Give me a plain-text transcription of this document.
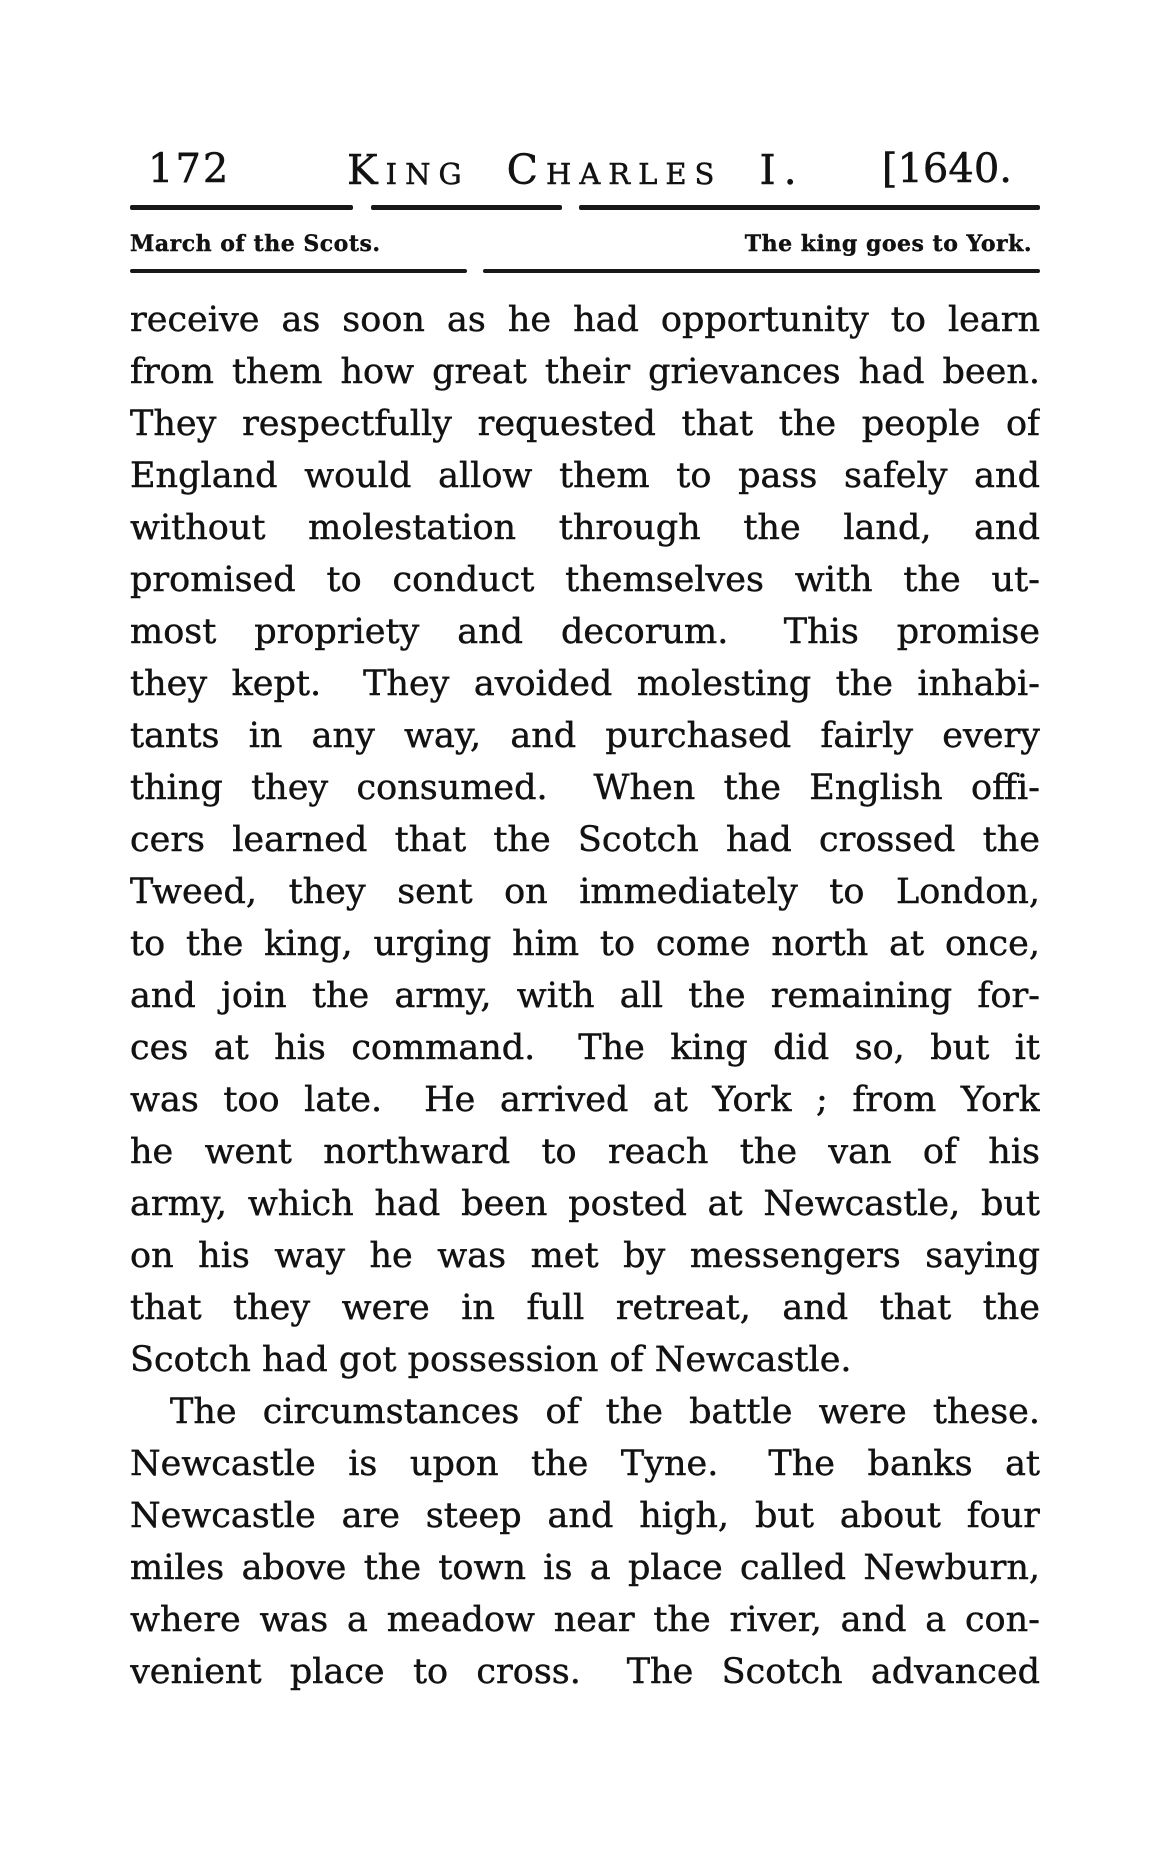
172	King Charles I. [1640.
March of the Scots.	The king goes to York.
receive as soon as he had opportunity to learn
from them how great their grievances had been.
They respectfully requested that the people of
England would allow them to pass safely and
without molestation through the land, and
promised to conduct themselves with the ut-
most propriety and decorum.  This promise
they kept.  They avoided molesting the inhabi-
tants in any way, and purchased fairly every
thing they consumed.  When the English offi-
cers learned that the Scotch had crossed the
Tweed, they sent on immediately to London,
to the king, urging him to come north at once,
and join the army, with all the remaining for-
ces at his command.  The king did so, but it
was too late.  He arrived at York ; from York
he went northward to reach the van of his
army, which had been posted at Newcastle, but
on his way he was met by messengers saying
that they were in full retreat, and that the
Scotch had got possession of Newcastle.
The circumstances of the battle were these.
Newcastle is upon the Tyne.  The banks at
Newcastle are steep and high, but about four
miles above the town is a place called Newburn,
where was a meadow near the river, and a con-
venient place to cross.  The Scotch advanced
